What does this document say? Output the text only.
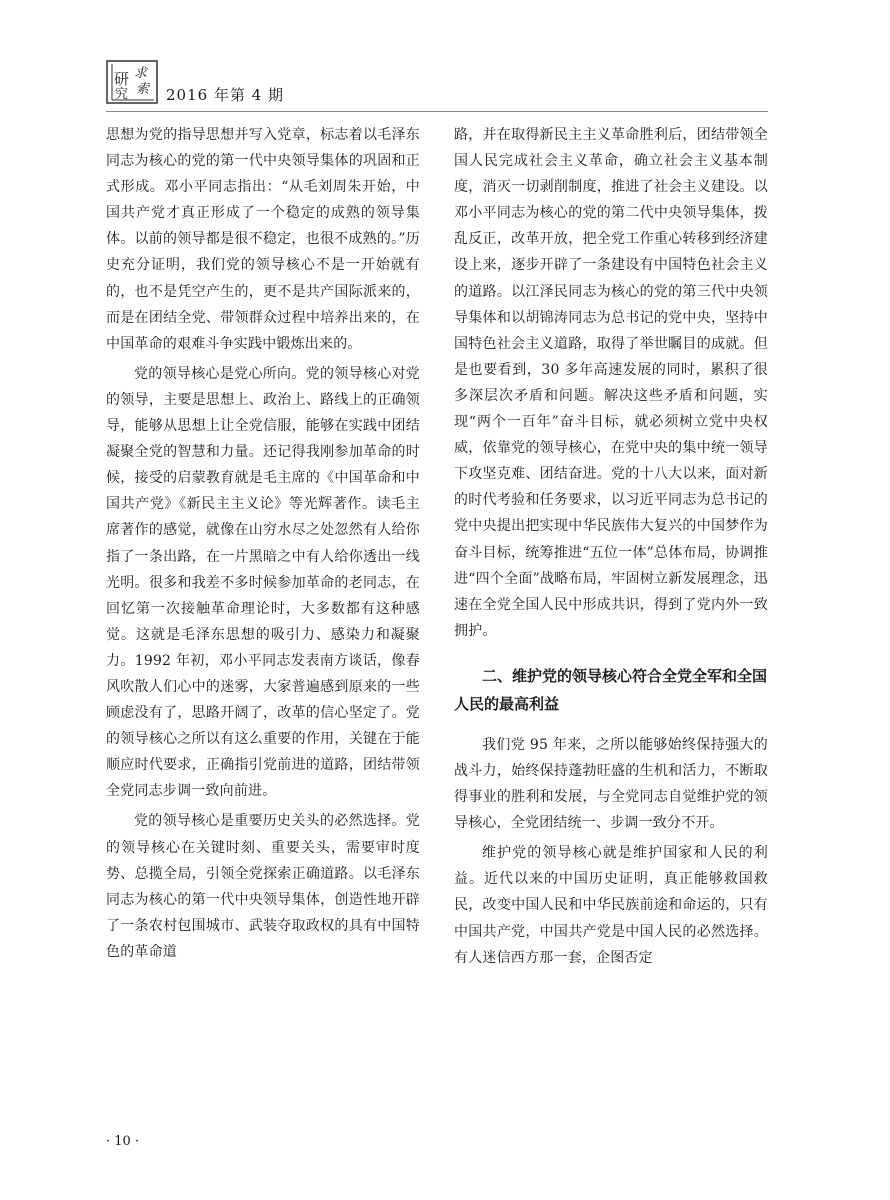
研
究
求
索 2016 年第 4 期

思想为党的指导思想并写入党章，标志着以毛泽东同志为核心的党的第一代中央领导集体的巩固和正式形成。邓小平同志指出：“从毛刘周朱开始，中国共产党才真正形成了一个稳定的成熟的领导集体。以前的领导都是很不稳定，也很不成熟的。”历史充分证明，我们党的领导核心不是一开始就有的，也不是凭空产生的，更不是共产国际派来的，而是在团结全党、带领群众过程中培养出来的，在中国革命的艰难斗争实践中锻炼出来的。

党的领导核心是党心所向。党的领导核心对党的领导，主要是思想上、政治上、路线上的正确领导，能够从思想上让全党信服，能够在实践中团结凝聚全党的智慧和力量。还记得我刚参加革命的时候，接受的启蒙教育就是毛主席的《中国革命和中国共产党》《新民主主义论》等光辉著作。读毛主席著作的感觉，就像在山穷水尽之处忽然有人给你指了一条出路，在一片黑暗之中有人给你透出一线光明。很多和我差不多时候参加革命的老同志，在回忆第一次接触革命理论时，大多数都有这种感觉。这就是毛泽东思想的吸引力、感染力和凝聚力。1992 年初，邓小平同志发表南方谈话，像春风吹散人们心中的迷雾，大家普遍感到原来的一些顾虑没有了，思路开阔了，改革的信心坚定了。党的领导核心之所以有这么重要的作用，关键在于能顺应时代要求，正确指引党前进的道路，团结带领全党同志步调一致向前进。

党的领导核心是重要历史关头的必然选择。党的领导核心在关键时刻、重要关头，需要审时度势、总揽全局，引领全党探索正确道路。以毛泽东同志为核心的第一代中央领导集体，创造性地开辟了一条农村包围城市、武装夺取政权的具有中国特色的革命道

路，并在取得新民主主义革命胜利后，团结带领全国人民完成社会主义革命，确立社会主义基本制度，消灭一切剥削制度，推进了社会主义建设。以邓小平同志为核心的党的第二代中央领导集体，拨乱反正，改革开放，把全党工作重心转移到经济建设上来，逐步开辟了一条建设有中国特色社会主义的道路。以江泽民同志为核心的党的第三代中央领导集体和以胡锦涛同志为总书记的党中央，坚持中国特色社会主义道路，取得了举世瞩目的成就。但是也要看到，30 多年高速发展的同时，累积了很多深层次矛盾和问题。解决这些矛盾和问题，实现“两个一百年”奋斗目标，就必须树立党中央权威，依靠党的领导核心，在党中央的集中统一领导下攻坚克难、团结奋进。党的十八大以来，面对新的时代考验和任务要求，以习近平同志为总书记的党中央提出把实现中华民族伟大复兴的中国梦作为奋斗目标，统筹推进“五位一体”总体布局，协调推进“四个全面”战略布局，牢固树立新发展理念，迅速在全党全国人民中形成共识，得到了党内外一致拥护。

二、维护党的领导核心符合全党全军和全国人民的最高利益

我们党 95 年来，之所以能够始终保持强大的战斗力，始终保持蓬勃旺盛的生机和活力，不断取得事业的胜利和发展，与全党同志自觉维护党的领导核心，全党团结统一、步调一致分不开。

维护党的领导核心就是维护国家和人民的利益。近代以来的中国历史证明，真正能够救国救民，改变中国人民和中华民族前途和命运的，只有中国共产党，中国共产党是中国人民的必然选择。有人迷信西方那一套，企图否定

· 10 ·
